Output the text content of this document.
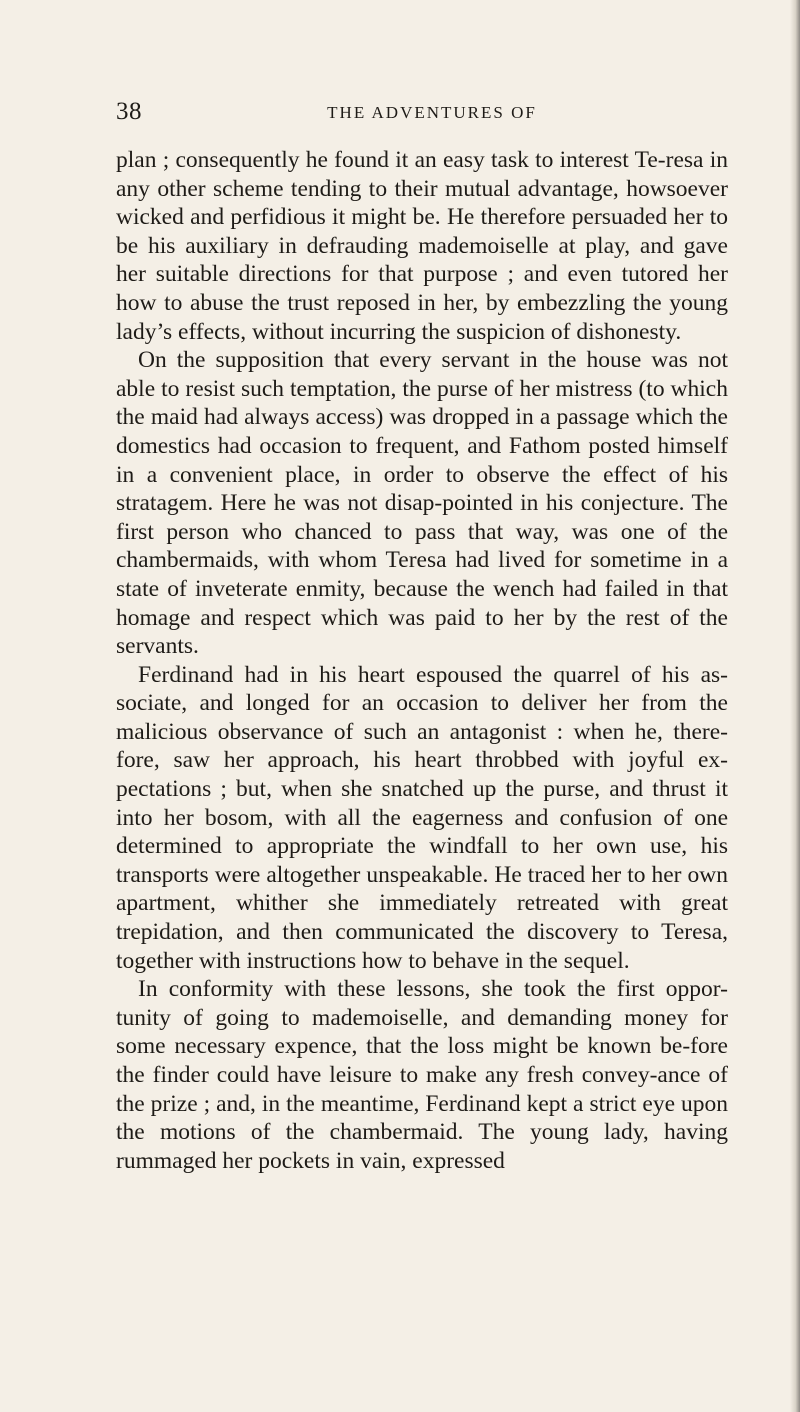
38	THE ADVENTURES OF

plan ; consequently he found it an easy task to interest Te-resa in any other scheme tending to their mutual advantage, howsoever wicked and perfidious it might be. He therefore persuaded her to be his auxiliary in defrauding mademoiselle at play, and gave her suitable directions for that purpose ; and even tutored her how to abuse the trust reposed in her, by embezzling the young lady’s effects, without incurring the suspicion of dishonesty.

On the supposition that every servant in the house was not able to resist such temptation, the purse of her mistress (to which the maid had always access) was dropped in a passage which the domestics had occasion to frequent, and Fathom posted himself in a convenient place, in order to observe the effect of his stratagem. Here he was not disap-pointed in his conjecture. The first person who chanced to pass that way, was one of the chambermaids, with whom Teresa had lived for sometime in a state of inveterate enmity, because the wench had failed in that homage and respect which was paid to her by the rest of the servants.

Ferdinand had in his heart espoused the quarrel of his as-sociate, and longed for an occasion to deliver her from the malicious observance of such an antagonist : when he, there-fore, saw her approach, his heart throbbed with joyful ex-pectations ; but, when she snatched up the purse, and thrust it into her bosom, with all the eagerness and confusion of one determined to appropriate the windfall to her own use, his transports were altogether unspeakable. He traced her to her own apartment, whither she immediately retreated with great trepidation, and then communicated the discovery to Teresa, together with instructions how to behave in the sequel.

In conformity with these lessons, she took the first oppor-tunity of going to mademoiselle, and demanding money for some necessary expence, that the loss might be known be-fore the finder could have leisure to make any fresh convey-ance of the prize ; and, in the meantime, Ferdinand kept a strict eye upon the motions of the chambermaid. The young lady, having rummaged her pockets in vain, expressed
